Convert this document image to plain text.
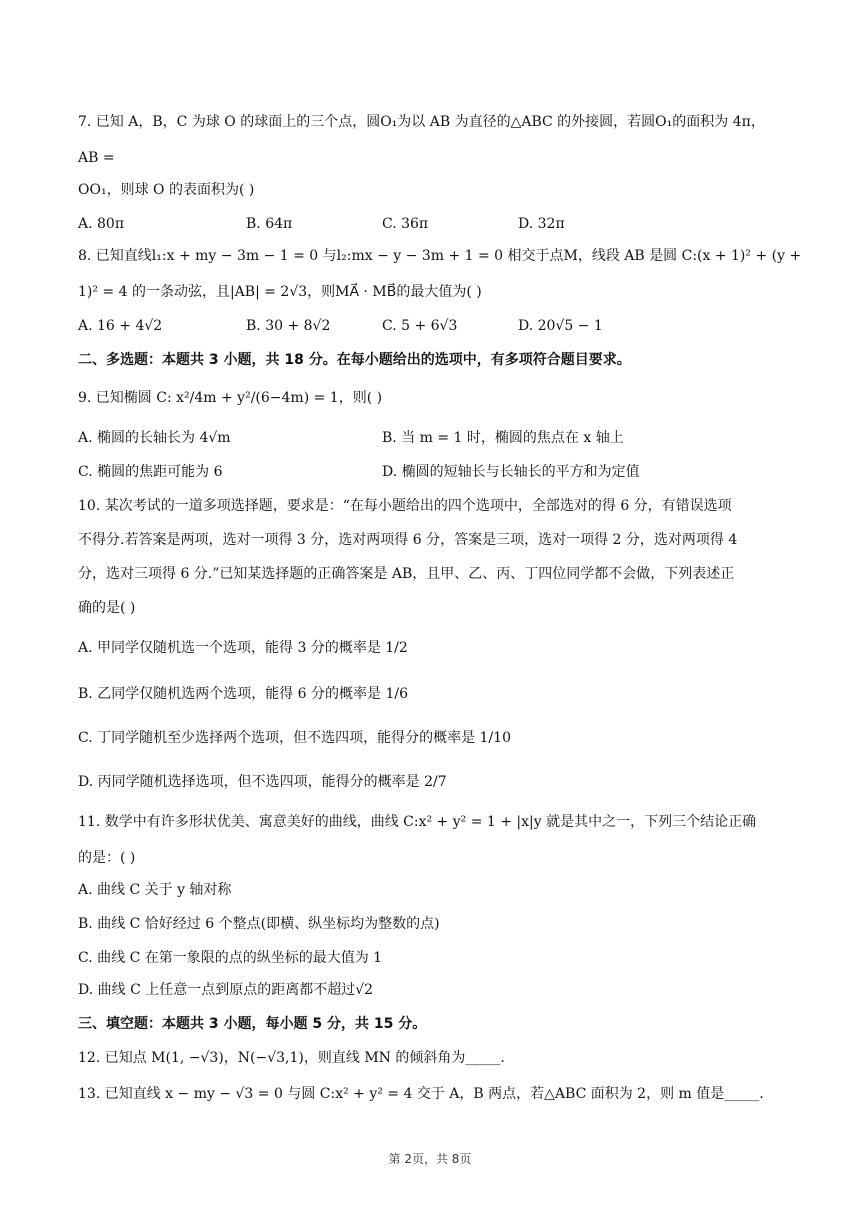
7. 已知 A，B，C 为球 O 的球面上的三个点，圆O₁为以 AB 为直径的△ABC 的外接圆，若圆O₁的面积为 4π，
AB =
OO₁，则球 O 的表面积为( )
A. 80π	B. 64π	C. 36π	D. 32π
8. 已知直线l₁:x + my − 3m − 1 = 0 与l₂:mx − y − 3m + 1 = 0 相交于点M，线段 AB 是圆 C:(x + 1)² + (y +
1)² = 4 的一条动弦，且|AB| = 2√3，则MA⃗ · MB⃗的最大值为( )
A. 16 + 4√2	B. 30 + 8√2	C. 5 + 6√3	D. 20√5 − 1
二、多选题：本题共 3 小题，共 18 分。在每小题给出的选项中，有多项符合题目要求。
9. 已知椭圆 C: x²/4m + y²/(6−4m) = 1，则( )
A. 椭圆的长轴长为 4√m	B. 当 m = 1 时，椭圆的焦点在 x 轴上
C. 椭圆的焦距可能为 6	D. 椭圆的短轴长与长轴长的平方和为定值
10. 某次考试的一道多项选择题，要求是：“在每小题给出的四个选项中，全部选对的得 6 分，有错误选项
不得分.若答案是两项，选对一项得 3 分，选对两项得 6 分，答案是三项，选对一项得 2 分，选对两项得 4
分，选对三项得 6 分.”已知某选择题的正确答案是 AB，且甲、乙、丙、丁四位同学都不会做，下列表述正
确的是( )
A. 甲同学仅随机选一个选项，能得 3 分的概率是 1/2
B. 乙同学仅随机选两个选项，能得 6 分的概率是 1/6
C. 丁同学随机至少选择两个选项，但不选四项，能得分的概率是 1/10
D. 丙同学随机选择选项，但不选四项，能得分的概率是 2/7
11. 数学中有许多形状优美、寓意美好的曲线，曲线 C:x² + y² = 1 + |x|y 就是其中之一，下列三个结论正确
的是：( )
A. 曲线 C 关于 y 轴对称
B. 曲线 C 恰好经过 6 个整点(即横、纵坐标均为整数的点)
C. 曲线 C 在第一象限的点的纵坐标的最大值为 1
D. 曲线 C 上任意一点到原点的距离都不超过√2
三、填空题：本题共 3 小题，每小题 5 分，共 15 分。
12. 已知点 M(1, −√3)，N(−√3,1)，则直线 MN 的倾斜角为_____.
13. 已知直线 x − my − √3 = 0 与圆 C:x² + y² = 4 交于 A，B 两点，若△ABC 面积为 2，则 m 值是_____.
第 2页，共 8页
